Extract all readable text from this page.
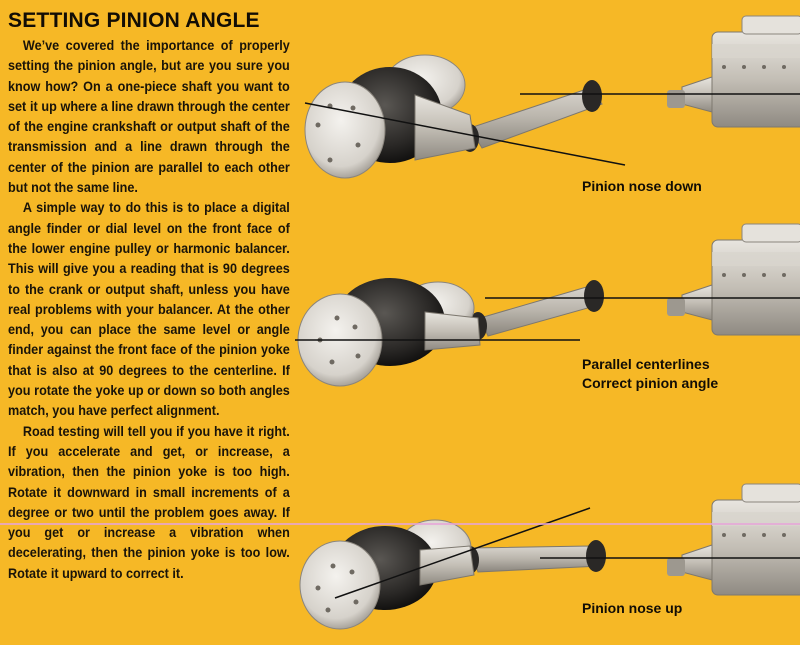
SETTING PINION ANGLE

We’ve covered the importance of properly setting the pinion angle, but are you sure you know how? On a one-piece shaft you want to set it up where a line drawn through the center of the engine crankshaft or output shaft of the transmission and a line drawn through the center of the pinion are parallel to each other but not the same line.

A simple way to do this is to place a digital angle finder or dial level on the front face of the lower engine pulley or harmonic balancer. This will give you a reading that is 90 degrees to the crank or output shaft, unless you have real problems with your balancer. At the other end, you can place the same level or angle finder against the front face of the pinion yoke that is also at 90 degrees to the centerline. If you rotate the yoke up or down so both angles match, you have perfect alignment.

Road testing will tell you if you have it right. If you accelerate and get, or increase, a vibration, then the pinion yoke is too high. Rotate it downward in small increments of a degree or two until the problem goes away. If you get or increase a vibration when decelerating, then the pinion yoke is too low. Rotate it upward to correct it.

Pinion nose down
Parallel centerlines
Correct pinion angle
Pinion nose up
